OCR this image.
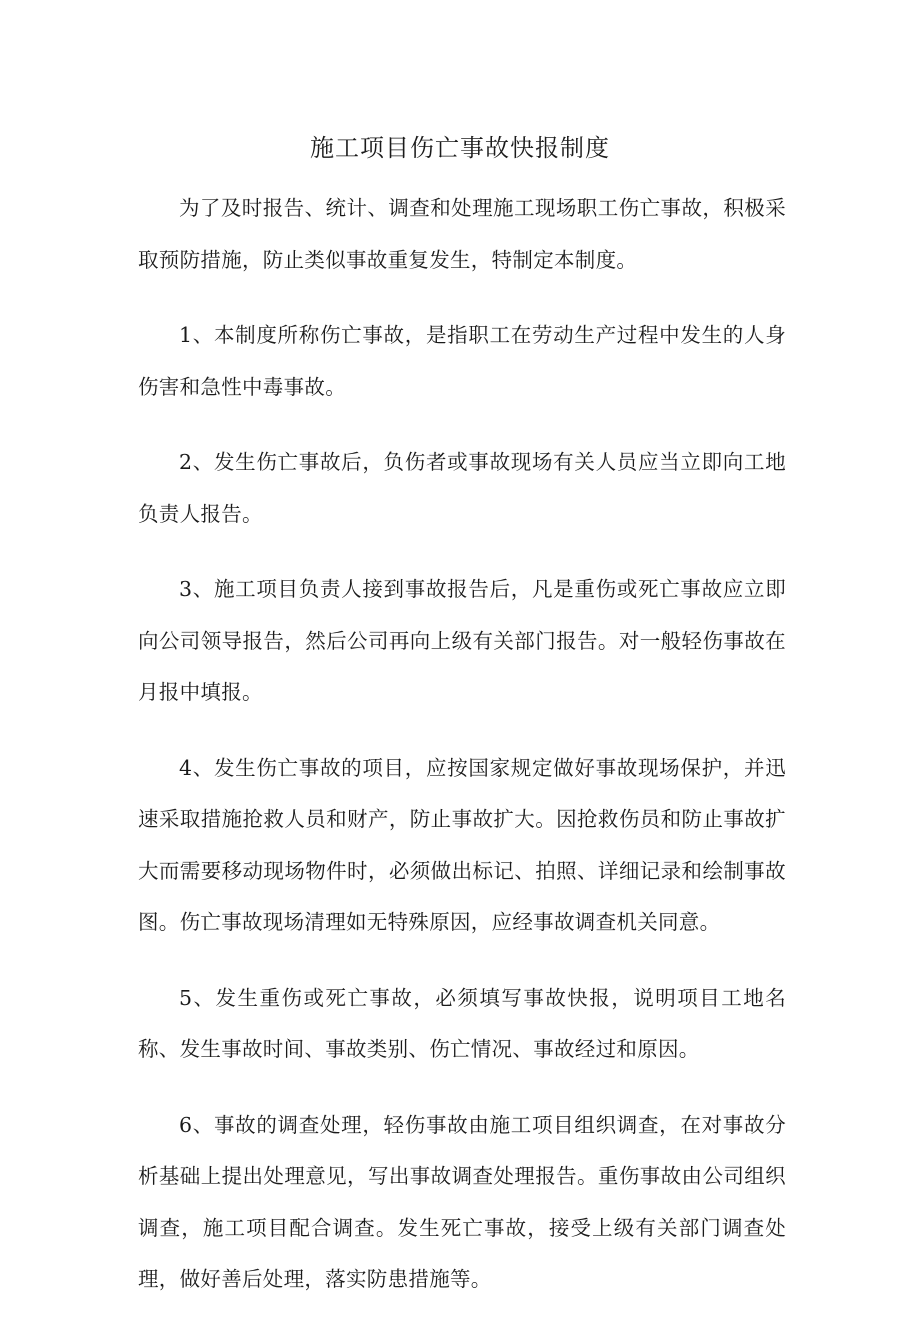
施工项目伤亡事故快报制度

为了及时报告、统计、调查和处理施工现场职工伤亡事故，积极采取预防措施，防止类似事故重复发生，特制定本制度。

1、本制度所称伤亡事故，是指职工在劳动生产过程中发生的人身伤害和急性中毒事故。

2、发生伤亡事故后，负伤者或事故现场有关人员应当立即向工地负责人报告。

3、施工项目负责人接到事故报告后，凡是重伤或死亡事故应立即向公司领导报告，然后公司再向上级有关部门报告。对一般轻伤事故在月报中填报。

4、发生伤亡事故的项目，应按国家规定做好事故现场保护，并迅速采取措施抢救人员和财产，防止事故扩大。因抢救伤员和防止事故扩大而需要移动现场物件时，必须做出标记、拍照、详细记录和绘制事故图。伤亡事故现场清理如无特殊原因，应经事故调查机关同意。

5、发生重伤或死亡事故，必须填写事故快报，说明项目工地名称、发生事故时间、事故类别、伤亡情况、事故经过和原因。

6、事故的调查处理，轻伤事故由施工项目组织调查，在对事故分析基础上提出处理意见，写出事故调查处理报告。重伤事故由公司组织调查，施工项目配合调查。发生死亡事故，接受上级有关部门调查处理，做好善后处理，落实防患措施等。
